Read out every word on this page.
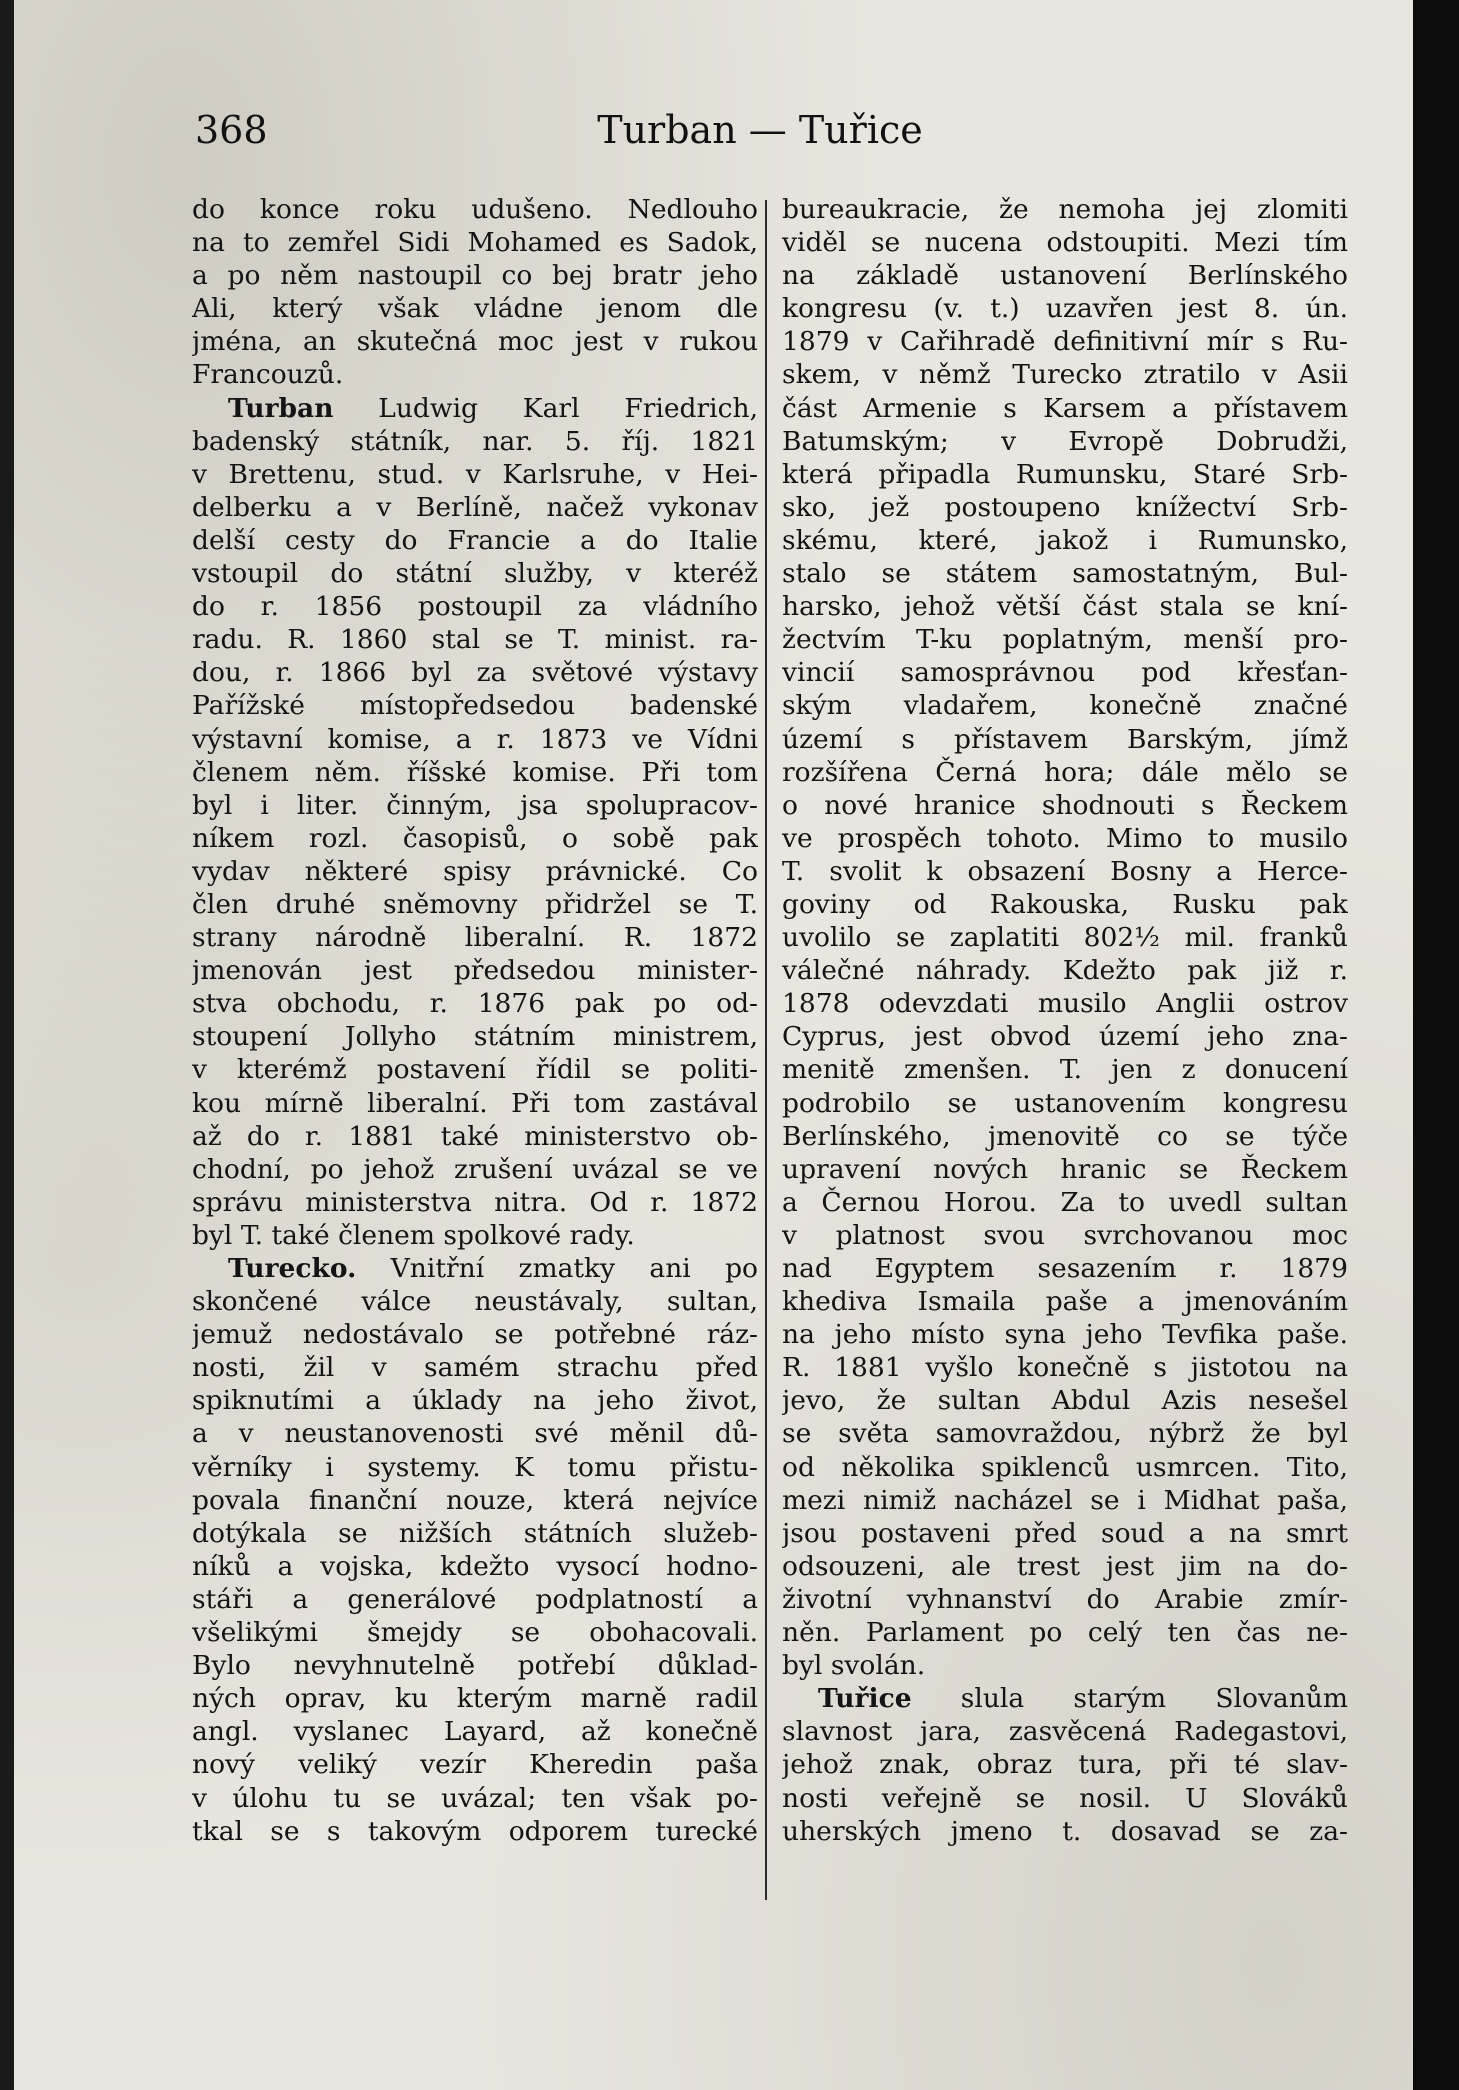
368	Turban — Tuřice
do konce roku udušeno. Nedlouho
na to zemřel Sidi Mohamed es Sadok,
a po něm nastoupil co bej bratr jeho
Ali, který však vládne jenom dle
jména, an skutečná moc jest v rukou
Francouzů.
Turban Ludwig Karl Friedrich,
badenský státník, nar. 5. říj. 1821
v Brettenu, stud. v Karlsruhe, v Hei-
delberku a v Berlíně, načež vykonav
delší cesty do Francie a do Italie
vstoupil do státní služby, v kteréž
do r. 1856 postoupil za vládního
radu. R. 1860 stal se T. minist. ra-
dou, r. 1866 byl za světové výstavy
Pařížské místopředsedou badenské
výstavní komise, a r. 1873 ve Vídni
členem něm. říšské komise. Při tom
byl i liter. činným, jsa spolupracov-
níkem rozl. časopisů, o sobě pak
vydav některé spisy právnické. Co
člen druhé sněmovny přidržel se T.
strany národně liberalní. R. 1872
jmenován jest předsedou minister-
stva obchodu, r. 1876 pak po od-
stoupení Jollyho státním ministrem,
v kterémž postavení řídil se politi-
kou mírně liberalní. Při tom zastával
až do r. 1881 také ministerstvo ob-
chodní, po jehož zrušení uvázal se ve
správu ministerstva nitra. Od r. 1872
byl T. také členem spolkové rady.
Turecko. Vnitřní zmatky ani po
skončené válce neustávaly, sultan,
jemuž nedostávalo se potřebné ráz-
nosti, žil v samém strachu před
spiknutími a úklady na jeho život,
a v neustanovenosti své měnil dů-
věrníky i systemy. K tomu přistu-
povala finanční nouze, která nejvíce
dotýkala se nižších státních služeb-
níků a vojska, kdežto vysocí hodno-
stáři a generálové podplatností a
všelikými šmejdy se obohacovali.
Bylo nevyhnutelně potřebí důklad-
ných oprav, ku kterým marně radil
angl. vyslanec Layard, až konečně
nový veliký vezír Kheredin paša
v úlohu tu se uvázal; ten však po-
tkal se s takovým odporem turecké
bureaukracie, že nemoha jej zlomiti
viděl se nucena odstoupiti. Mezi tím
na základě ustanovení Berlínského
kongresu (v. t.) uzavřen jest 8. ún.
1879 v Cařihradě definitivní mír s Ru-
skem, v němž Turecko ztratilo v Asii
část Armenie s Karsem a přístavem
Batumským; v Evropě Dobrudži,
která připadla Rumunsku, Staré Srb-
sko, jež postoupeno knížectví Srb-
skému, které, jakož i Rumunsko,
stalo se státem samostatným, Bul-
harsko, jehož větší část stala se kní-
žectvím T-ku poplatným, menší pro-
vincií samosprávnou pod křesťan-
ským vladařem, konečně značné
území s přístavem Barským, jímž
rozšířena Černá hora; dále mělo se
o nové hranice shodnouti s Řeckem
ve prospěch tohoto. Mimo to musilo
T. svolit k obsazení Bosny a Herce-
goviny od Rakouska, Rusku pak
uvolilo se zaplatiti 802½ mil. franků
válečné náhrady. Kdežto pak již r.
1878 odevzdati musilo Anglii ostrov
Cyprus, jest obvod území jeho zna-
menitě zmenšen. T. jen z donucení
podrobilo se ustanovením kongresu
Berlínského, jmenovitě co se týče
upravení nových hranic se Řeckem
a Černou Horou. Za to uvedl sultan
v platnost svou svrchovanou moc
nad Egyptem sesazením r. 1879
khediva Ismaila paše a jmenováním
na jeho místo syna jeho Tevfika paše.
R. 1881 vyšlo konečně s jistotou na
jevo, že sultan Abdul Azis nesešel
se světa samovraždou, nýbrž že byl
od několika spiklenců usmrcen. Tito,
mezi nimiž nacházel se i Midhat paša,
jsou postaveni před soud a na smrt
odsouzeni, ale trest jest jim na do-
životní vyhnanství do Arabie zmír-
něn. Parlament po celý ten čas ne-
byl svolán.
Tuřice slula starým Slovanům
slavnost jara, zasvěcená Radegastovi,
jehož znak, obraz tura, při té slav-
nosti veřejně se nosil. U Slováků
uherských jmeno t. dosavad se za-
